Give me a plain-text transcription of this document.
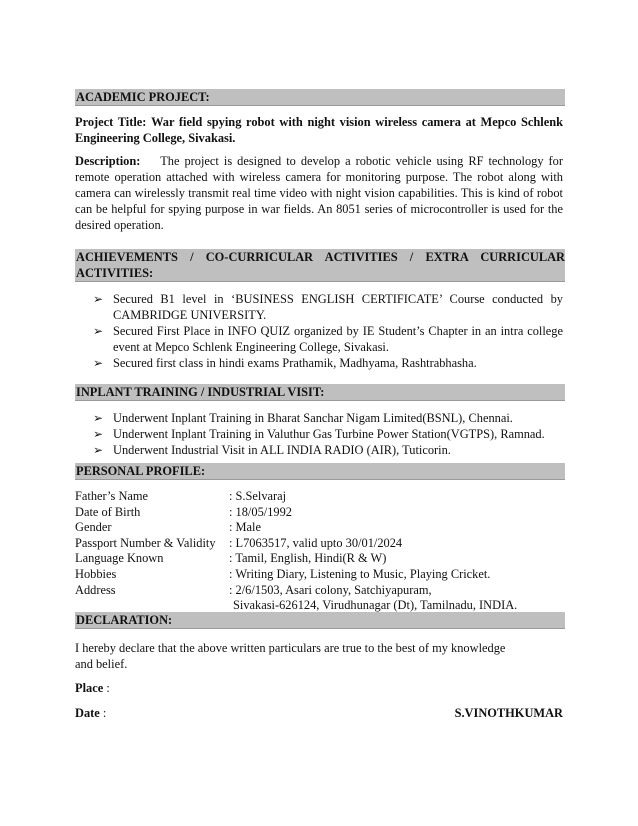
ACADEMIC PROJECT:
Project Title: War field spying robot with night vision wireless camera at Mepco Schlenk Engineering College, Sivakasi.
Description: The project is designed to develop a robotic vehicle using RF technology for remote operation attached with wireless camera for monitoring purpose. The robot along with camera can wirelessly transmit real time video with night vision capabilities. This is kind of robot can be helpful for spying purpose in war fields. An 8051 series of microcontroller is used for the desired operation.
ACHIEVEMENTS / CO-CURRICULAR ACTIVITIES / EXTRA CURRICULAR ACTIVITIES:
➢ Secured B1 level in ‘BUSINESS ENGLISH CERTIFICATE’ Course conducted by CAMBRIDGE UNIVERSITY.
➢ Secured First Place in INFO QUIZ organized by IE Student’s Chapter in an intra college event at Mepco Schlenk Engineering College, Sivakasi.
➢ Secured first class in hindi exams Prathamik, Madhyama, Rashtrabhasha.
INPLANT TRAINING / INDUSTRIAL VISIT:
➢ Underwent Inplant Training in Bharat Sanchar Nigam Limited(BSNL), Chennai.
➢ Underwent Inplant Training in Valuthur Gas Turbine Power Station(VGTPS), Ramnad.
➢ Underwent Industrial Visit in ALL INDIA RADIO (AIR), Tuticorin.
PERSONAL PROFILE:
Father’s Name	: S.Selvaraj
Date of Birth	: 18/05/1992
Gender	: Male
Passport Number & Validity	: L7063517, valid upto 30/01/2024
Language Known	: Tamil, English, Hindi(R & W)
Hobbies	: Writing Diary, Listening to Music, Playing Cricket.
Address	: 2/6/1503, Asari colony, Satchiyapuram,
	Sivakasi-626124, Virudhunagar (Dt), Tamilnadu, INDIA.
DECLARATION:
I hereby declare that the above written particulars are true to the best of my knowledge and belief.
Place :
Date :	S.VINOTHKUMAR
